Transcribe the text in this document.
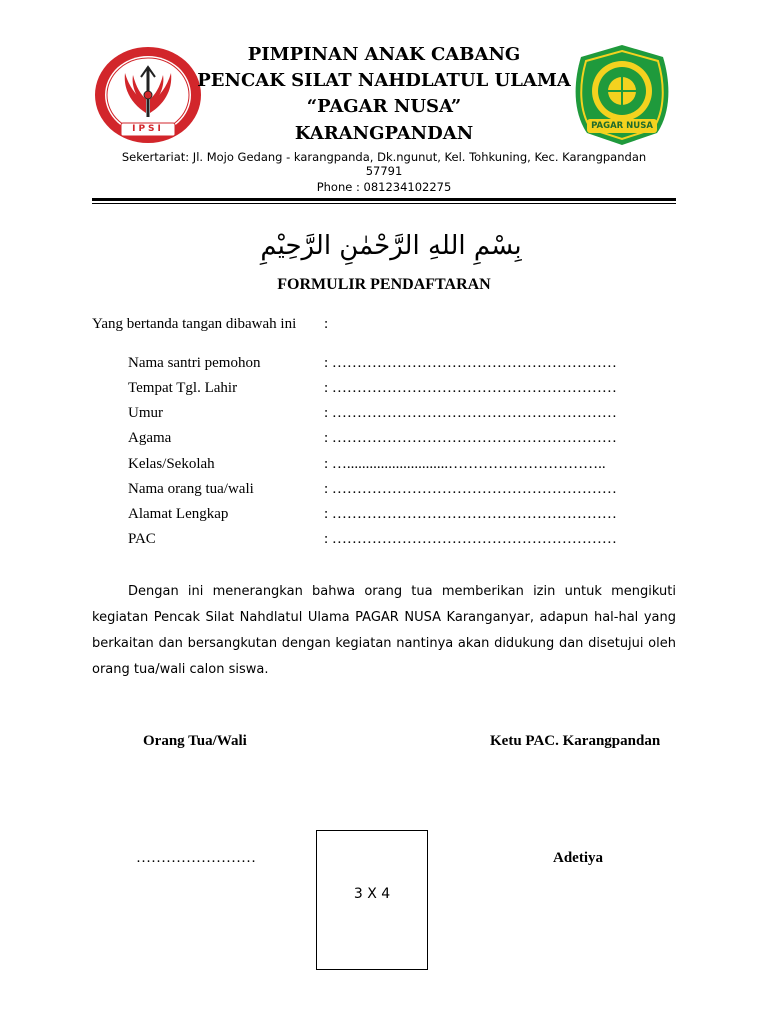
IPSI	PAGAR NUSA
PIMPINAN ANAK CABANG
PENCAK SILAT NAHDLATUL ULAMA
“PAGAR NUSA”
KARANGPANDAN
Sekertariat: Jl. Mojo Gedang - karangpanda, Dk.ngunut, Kel. Tohkuning, Kec. Karangpandan
57791
Phone : 081234102275
بِسْمِ اللهِ الرَّحْمٰنِ الرَّحِيْمِ
FORMULIR PENDAFTARAN
Yang bertanda tangan dibawah ini :
Nama santri pemohon	: …………………………………………………
Tempat Tgl. Lahir	: …………………………………………………
Umur	: …………………………………………………
Agama	: …………………………………………………
Kelas/Sekolah	: …...........................…………………………..
Nama orang tua/wali	: …………………………………………………
Alamat Lengkap	: …………………………………………………
PAC	: …………………………………………………
Dengan ini menerangkan bahwa orang tua memberikan izin untuk mengikuti kegiatan Pencak Silat Nahdlatul Ulama PAGAR NUSA Karanganyar, adapun hal-hal yang berkaitan dan bersangkutan dengan kegiatan nantinya akan didukung dan disetujui oleh orang tua/wali calon siswa.
Orang Tua/Wali	Ketu PAC. Karangpandan
……………………	Adetiya
3 X 4
